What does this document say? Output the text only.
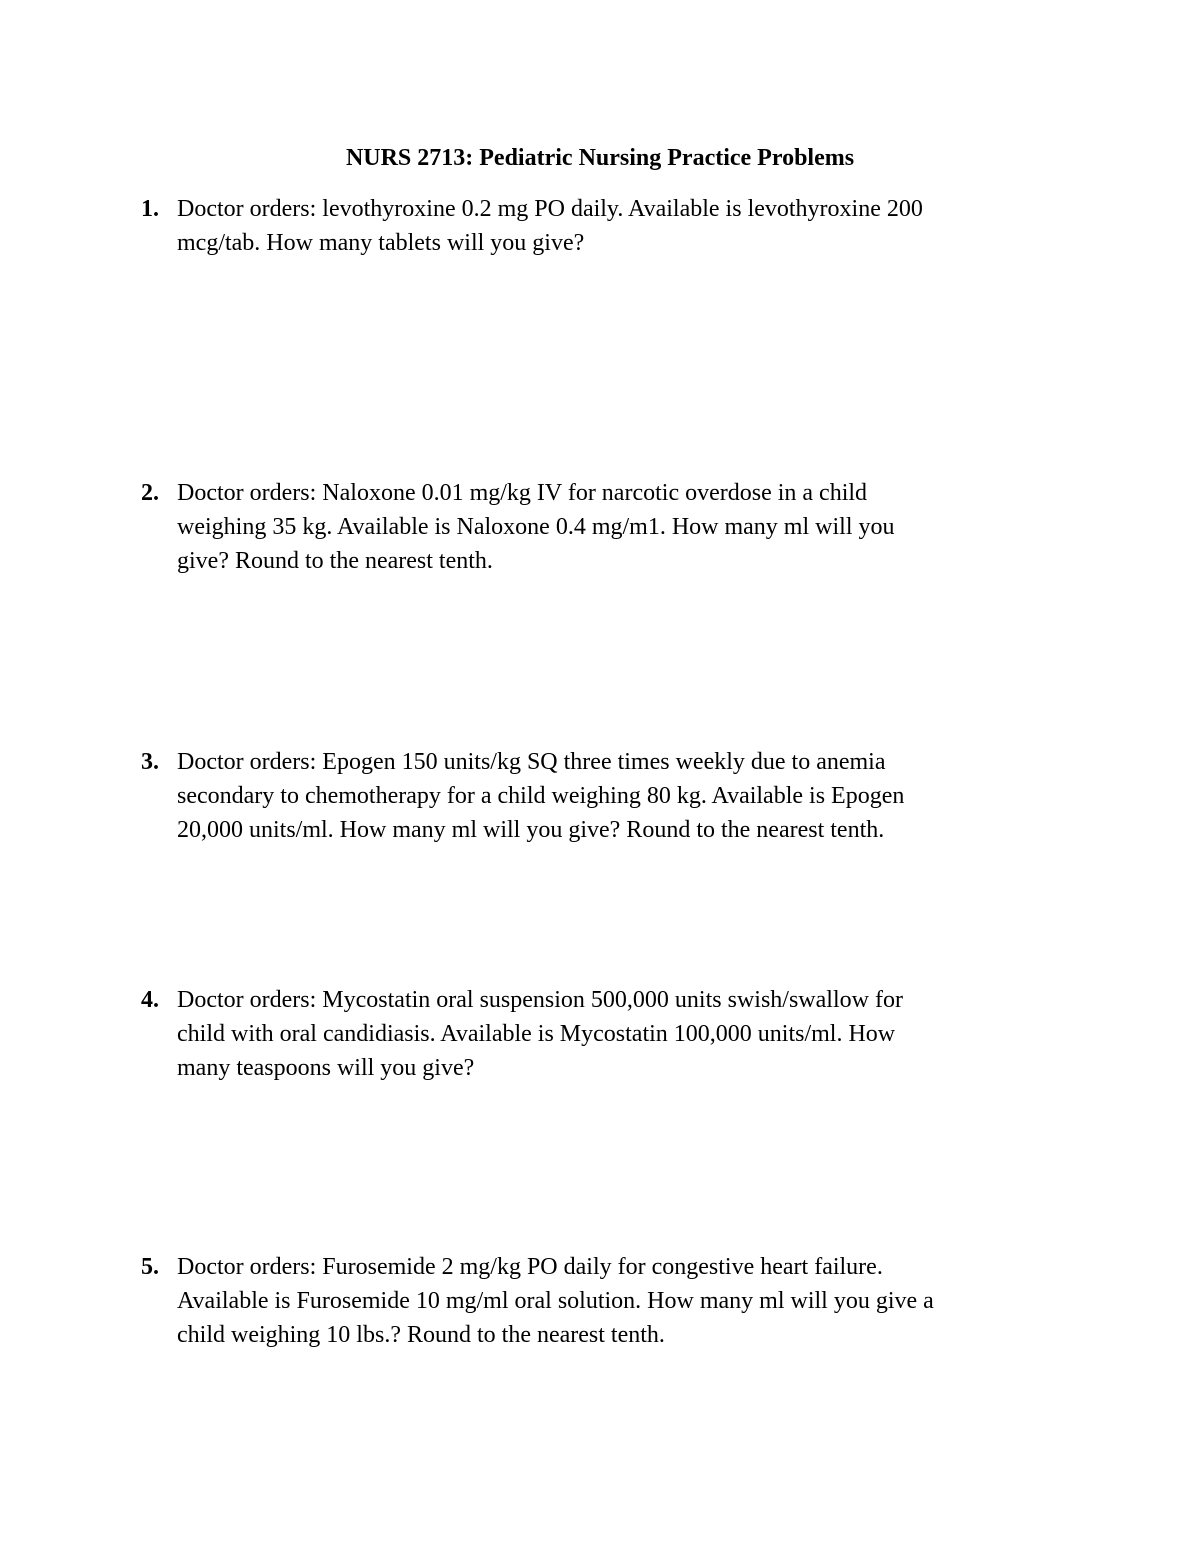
NURS 2713: Pediatric Nursing Practice Problems
1. Doctor orders: levothyroxine 0.2 mg PO daily. Available is levothyroxine 200
mcg/tab. How many tablets will you give?
2. Doctor orders: Naloxone 0.01 mg/kg IV for narcotic overdose in a child
weighing 35 kg. Available is Naloxone 0.4 mg/m1. How many ml will you
give? Round to the nearest tenth.
3. Doctor orders: Epogen 150 units/kg SQ three times weekly due to anemia
secondary to chemotherapy for a child weighing 80 kg. Available is Epogen
20,000 units/ml. How many ml will you give? Round to the nearest tenth.
4. Doctor orders: Mycostatin oral suspension 500,000 units swish/swallow for
child with oral candidiasis. Available is Mycostatin 100,000 units/ml. How
many teaspoons will you give?
5. Doctor orders: Furosemide 2 mg/kg PO daily for congestive heart failure.
Available is Furosemide 10 mg/ml oral solution. How many ml will you give a
child weighing 10 lbs.? Round to the nearest tenth.
